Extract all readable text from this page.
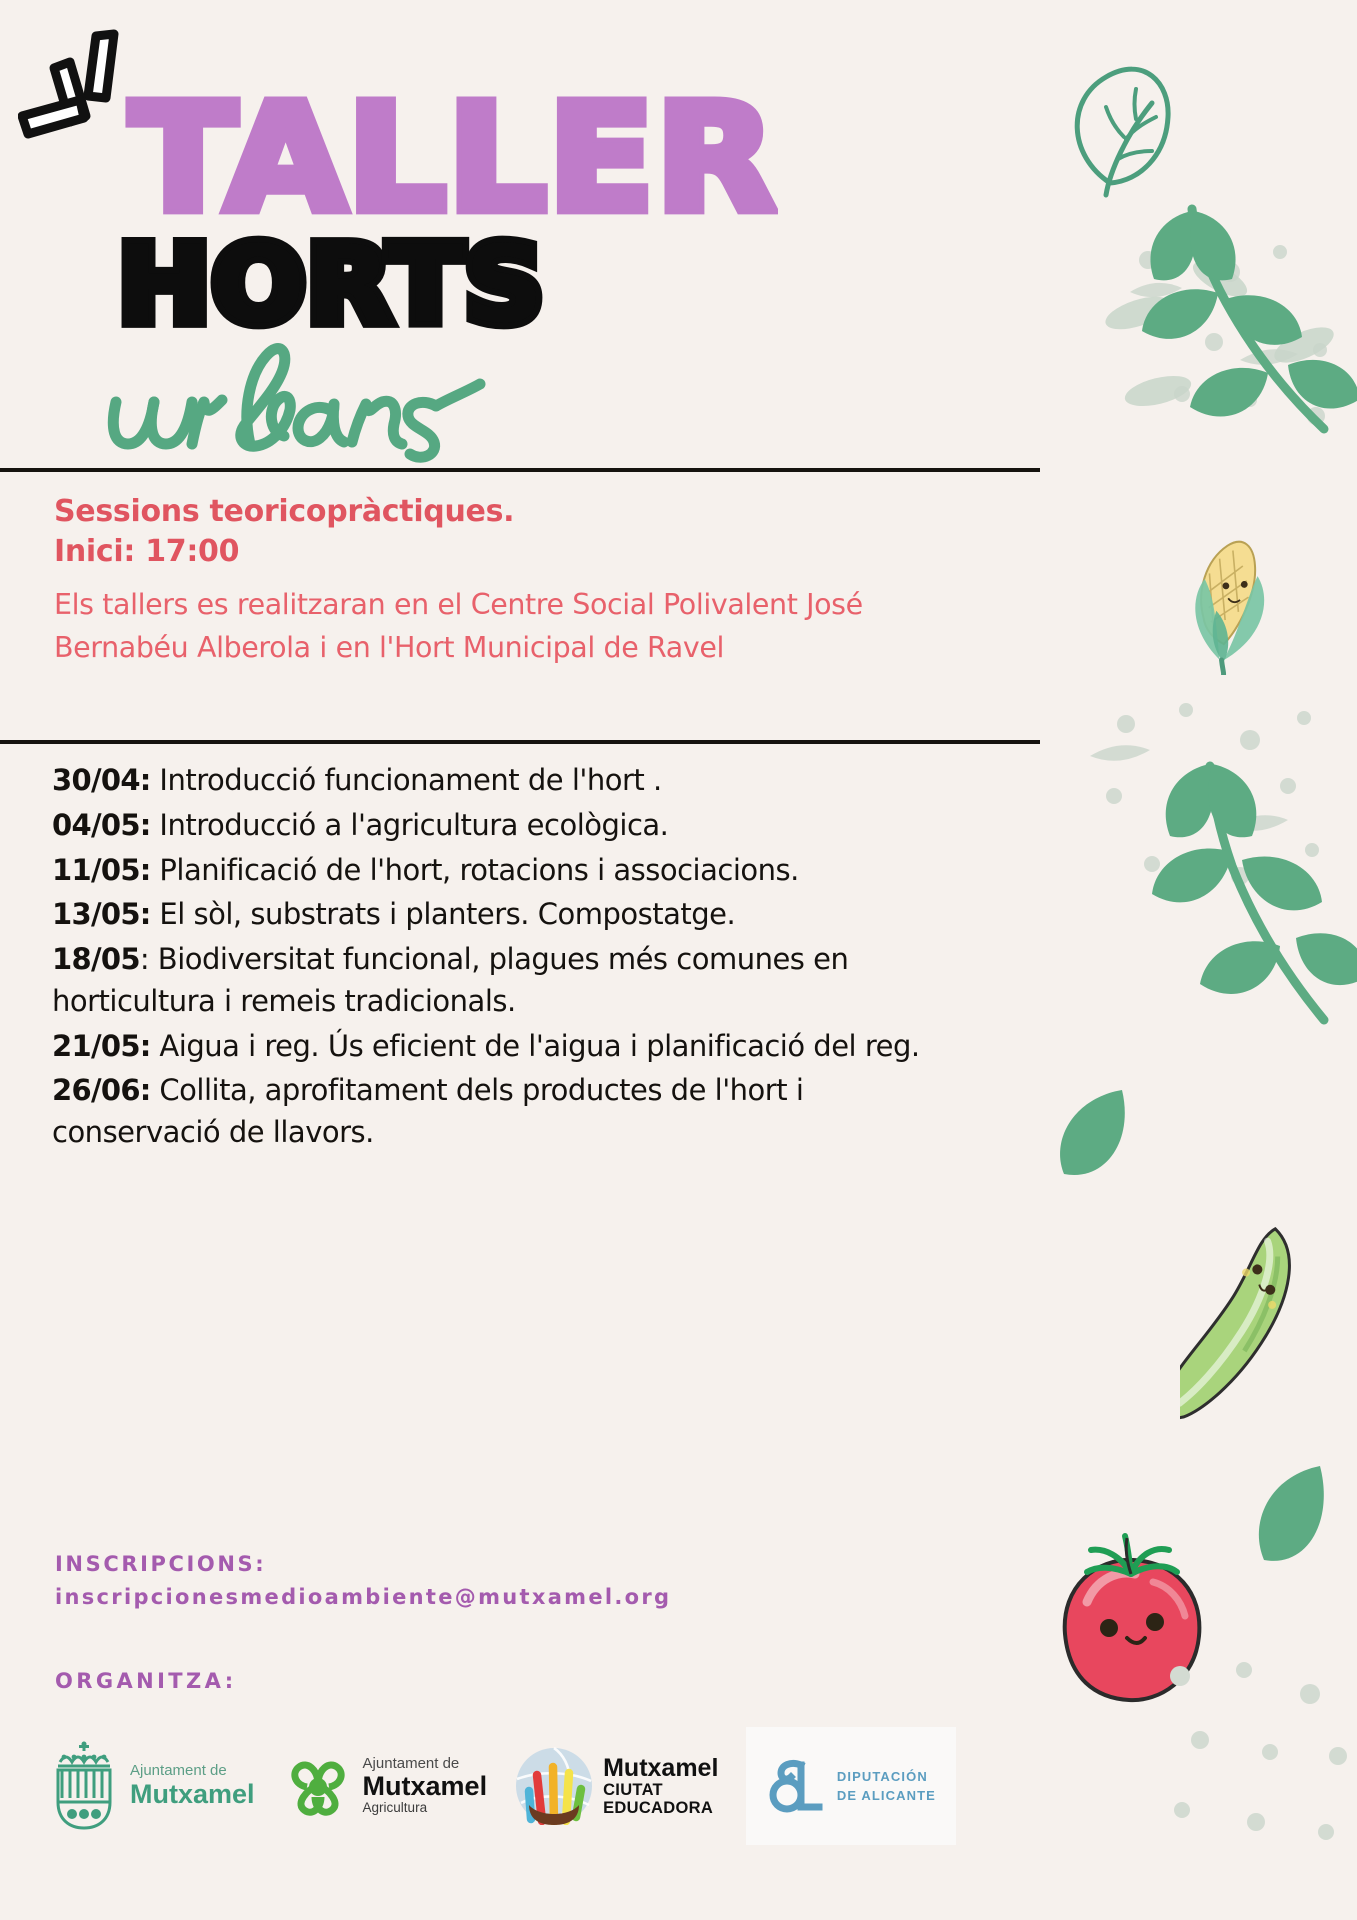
TALLER
HORTS
Sessions teoricopràctiques.
Inici: 17:00
Els tallers es realitzaran en el Centre Social Polivalent José Bernabéu Alberola i en l'Hort Municipal de Ravel
30/04: Introducció funcionament de l'hort .
04/05: Introducció a l'agricultura ecològica.
11/05: Planificació de l'hort, rotacions i associacions.
13/05: El sòl, substrats i planters. Compostatge.
18/05: Biodiversitat funcional, plagues més comunes en horticultura i remeis tradicionals.
21/05: Aigua i reg. Ús eficient de l'aigua i planificació del reg.
26/06: Collita, aprofitament dels productes de l'hort i conservació de llavors.
INSCRIPCIONS:
inscripcionesmedioambiente@mutxamel.org
ORGANITZA:
Ajuntament de
Mutxamel
Ajuntament de
Mutxamel
Agricultura
Mutxamel
CIUTAT
EDUCADORA
DIPUTACIÓN
DE ALICANTE
